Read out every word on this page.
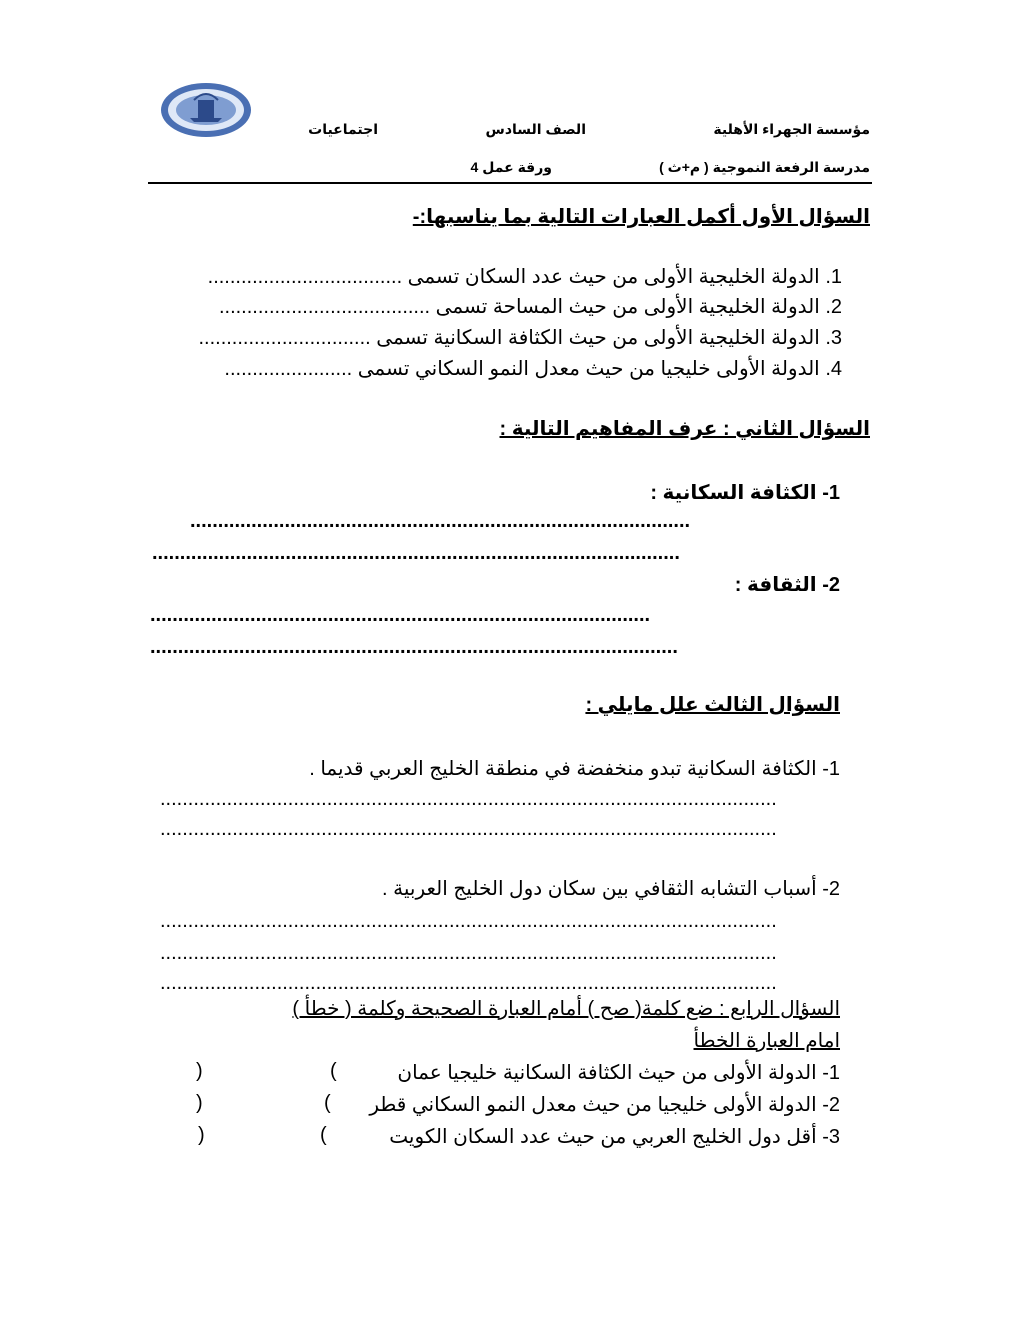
مؤسسة الجهراء الأهلية
الصف السادس
اجتماعيات
مدرسة الرفعة النموجية ( م+ث )
ورقة عمل 4
السؤال الأول أكمل العبارات التالية بما يناسبها:-
1. الدولة الخليجية الأولى من حيث عدد السكان تسمى ...................................
2. الدولة الخليجية الأولى من حيث المساحة تسمى ......................................
3. الدولة الخليجية الأولى من حيث الكثافة السكانية تسمى ...............................
4. الدولة الأولى خليجيا من حيث معدل النمو السكاني تسمى .......................
السؤال الثاني : عرف المفاهيم التالية :
1- الكثافة السكانية :
..........................................................................................
...............................................................................................
2- الثقافة :
..........................................................................................
...............................................................................................
السؤال الثالث علل مايلي :
1- الكثافة السكانية تبدو منخفضة في منطقة الخليج العربي قديما .
...............................................................................................................
...............................................................................................................
2- أسباب التشابه الثقافي بين سكان دول الخليج العربية .
...............................................................................................................
...............................................................................................................
...............................................................................................................
السؤال الرابع : ضع كلمة( صح ) أمام العبارة الصحيحة وكلمة ( خطأ )
امام العبارة الخطأ
1- الدولة الأولى من حيث الكثافة السكانية خليجيا عمان
(
)
2- الدولة الأولى خليجيا من حيث معدل النمو السكاني قطر
(
)
3- أقل دول الخليج العربي من حيث عدد السكان الكويت
(
)
